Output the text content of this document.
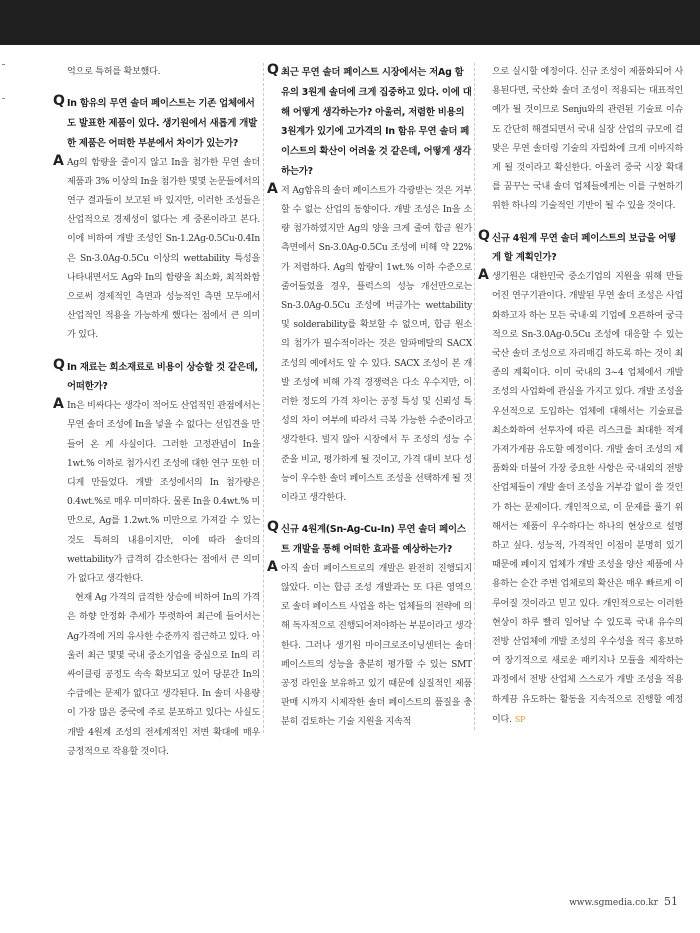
억으로 특허를 확보했다.
Q In 함유의 무연 솔더 페이스트는 기존 업체에서도 발표한 제품이 있다. 생기원에서 새롭게 개발한 제품은 어떠한 부분에서 차이가 있는가?
A Ag의 함량을 줄이지 않고 In을 첨가한 무연 솔더 제품과 3% 이상의 In을 첨가한 몇몇 논문들에서의 연구 결과들이 보고된 바 있지만, 이러한 조성들은 산업적으로 경제성이 없다는 게 중론이라고 본다. 이에 비하여 개발 조성인 Sn-1.2Ag-0.5Cu-0.4In은 Sn-3.0Ag-0.5Cu 이상의 wettability 특성을 나타내면서도 Ag와 In의 함량을 최소화, 최적화함으로써 경제적인 측면과 성능적인 측면 모두에서 산업적인 적용을 가능하게 했다는 점에서 큰 의미가 있다.
Q In 재료는 희소재료로 비용이 상승할 것 같은데, 어떠한가?
A In은 비싸다는 생각이 적어도 산업적인 관점에서는 무연 솔더 조성에 In을 넣을 수 없다는 선입견을 만들어 온 게 사실이다. 그러한 고정관념이 In을 1wt.% 이하로 첨가시킨 조성에 대한 연구 또한 더디게 만들었다. 개발 조성에서의 In 첨가량은 0.4wt.%로 매우 미미하다. 물론 In을 0.4wt.% 미만으로, Ag를 1.2wt.% 미만으로 가져갈 수 있는 것도 특허의 내용이지만, 이에 따라 솔더의 wettability가 급격히 감소한다는 점에서 큰 의미가 없다고 생각한다.
현재 Ag 가격의 급격한 상승에 비하여 In의 가격은 하향 안정화 추세가 뚜렷하여 최근에 들어서는 Ag가격에 거의 유사한 수준까지 접근하고 있다. 아울러 최근 몇몇 국내 중소기업을 중심으로 In의 리싸이클링 공정도 속속 확보되고 있어 당분간 In의 수급에는 문제가 없다고 생각된다. In 솔더 사용량이 가장 많은 중국에 주로 분포하고 있다는 사실도 개발 4원계 조성의 전세계적인 저변 확대에 매우 긍정적으로 작용할 것이다.
Q 최근 무연 솔더 페이스트 시장에서는 저Ag 함유의 3원계 솔더에 크게 집중하고 있다. 이에 대해 어떻게 생각하는가? 아울러, 저렴한 비용의 3원계가 있기에 고가격의 In 함유 무연 솔더 페이스트의 확산이 어려울 것 같은데, 어떻게 생각하는가?
A 저 Ag함유의 솔더 페이스트가 각광받는 것은 거부할 수 없는 산업의 동향이다. 개발 조성은 In을 소량 첨가하였지만 Ag의 양을 크게 줄여 합금 원가 측면에서 Sn-3.0Ag-0.5Cu 조성에 비해 약 22%가 저렴하다. Ag의 함량이 1wt.% 이하 수준으로 줄어들었을 경우, 플럭스의 성능 개선만으로는 Sn-3.0Ag-0.5Cu 조성에 버금가는 wettability 및 solderability를 확보할 수 없으며, 합금 원소의 첨가가 필수적이라는 것은 알파메탈의 SACX 조성의 예에서도 알 수 있다. SACX 조성이 본 개발 조성에 비해 가격 경쟁력은 다소 우수지만, 이러한 정도의 가격 차이는 공정 특성 및 신뢰성 특성의 차이 여부에 따라서 극복 가능한 수준이라고 생각한다. 빌지 않아 시장에서 두 조성의 성능 수준을 비교, 평가하게 될 것이고, 가격 대비 보다 성능이 우수한 솔더 페이스트 조성을 선택하게 될 것이라고 생각한다.
Q 신규 4원계(Sn-Ag-Cu-In) 무연 솔더 페이스트 개발을 통해 어떠한 효과를 예상하는가?
A 아직 솔더 페이스트로의 개발은 완전히 진행되지 않았다. 이는 합금 조성 개발과는 또 다른 영역으로 솔더 페이스트 사업을 하는 업체들의 전략에 의해 독자적으로 진행되어져야하는 부분이라고 생각한다. 그러나 생기원 마이크로조이닝센터는 솔더 페이스트의 성능을 충분히 평가할 수 있는 SMT 공정 라인을 보유하고 있기 때문에 실질적인 제품 판매 시까지 시제작한 솔더 페이스트의 품질을 충분히 검토하는 기술 지원을 지속적
으로 실시할 예정이다. 신규 조성이 제품화되어 사용된다면, 국산화 솔더 조성이 적용되는 대표적인 예가 될 것이므로 Senju와의 관련된 기술료 이슈도 간단히 해결되면서 국내 실장 산업의 규모에 걸맞은 무연 솔더링 기술의 자립화에 크게 이바지하게 될 것이라고 확신한다. 아울러 중국 시장 확대를 꿈꾸는 국내 솔더 업체들에게는 이를 구현하기 위한 하나의 기술적인 기반이 될 수 있을 것이다.
Q 신규 4원계 무연 솔더 페이스트의 보급을 어떻게 할 계획인가?
A 생기원은 대한민국 중소기업의 지원을 위해 만들어진 연구기관이다. 개발된 무연 솔더 조성은 사업화하고자 하는 모든 국내·외 기업에 오픈하여 궁극적으로 Sn-3.0Ag-0.5Cu 조성에 대응할 수 있는 국산 솔더 조성으로 자리매김 하도록 하는 것이 최종의 계획이다. 이미 국내의 3~4 업체에서 개발 조성의 사업화에 관심을 가지고 있다. 개발 조성을 우선적으로 도입하는 업체에 대해서는 기술료를 최소화하여 선투자에 따른 리스크를 최대한 적게 가져가게끔 유도할 예정이다. 개발 솔더 조성의 제품화와 더불어 가장 중요한 사항은 국·내외의 전방 산업체들이 개발 솔더 조성을 거부감 없이 쓸 것인가 하는 문제이다. 개인적으로, 이 문제를 풀기 위해서는 제품이 우수하다는 하나의 현상으로 설명하고 싶다. 성능적, 가격적인 이점이 분명히 있기 때문에 페이지 업체가 개발 조성을 양산 제품에 사용하는 순간 주변 업체로의 확산은 매우 빠르게 이루어질 것이라고 믿고 있다. 개인적으로는 이러한 현상이 하루 빨리 일어날 수 있도록 국내 유수의 전방 산업체에 개발 조성의 우수성을 적극 홍보하여 장기적으로 새로운 패키지나 모듈을 제작하는 과정에서 전방 산업체 스스로가 개발 조성을 적용하게끔 유도하는 활동을 지속적으로 진행할 예정이다. SP
www.sgmedia.co.kr 51
